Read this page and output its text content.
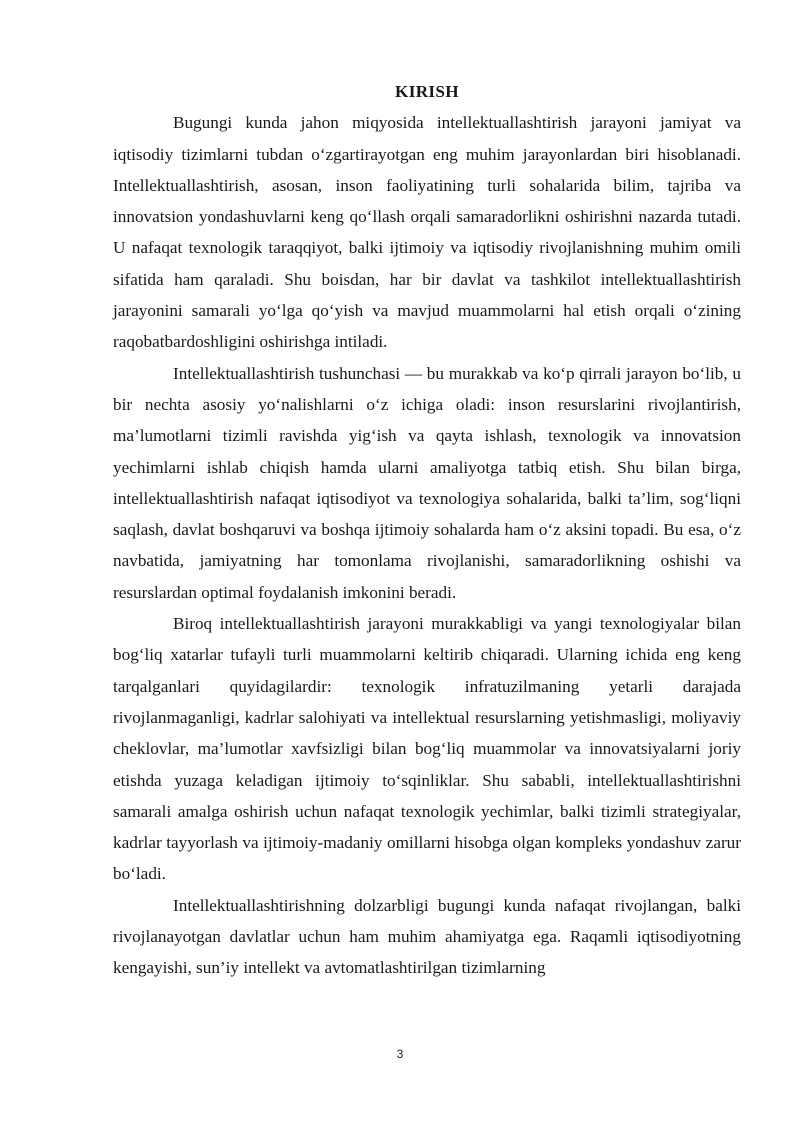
KIRISH

Bugungi kunda jahon miqyosida intellektuallashtirish jarayoni jamiyat va iqtisodiy tizimlarni tubdan o‘zgartirayotgan eng muhim jarayonlardan biri hisoblanadi. Intellektuallashtirish, asosan, inson faoliyatining turli sohalarida bilim, tajriba va innovatsion yondashuvlarni keng qo‘llash orqali samaradorlikni oshirishni nazarda tutadi. U nafaqat texnologik taraqqiyot, balki ijtimoiy va iqtisodiy rivojlanishning muhim omili sifatida ham qaraladi. Shu boisdan, har bir davlat va tashkilot intellektuallashtirish jarayonini samarali yo‘lga qo‘yish va mavjud muammolarni hal etish orqali o‘zining raqobatbardoshligini oshirishga intiladi.

Intellektuallashtirish tushunchasi — bu murakkab va ko‘p qirrali jarayon bo‘lib, u bir nechta asosiy yo‘nalishlarni o‘z ichiga oladi: inson resurslarini rivojlantirish, ma’lumotlarni tizimli ravishda yig‘ish va qayta ishlash, texnologik va innovatsion yechimlarni ishlab chiqish hamda ularni amaliyotga tatbiq etish. Shu bilan birga, intellektuallashtirish nafaqat iqtisodiyot va texnologiya sohalarida, balki ta’lim, sog‘liqni saqlash, davlat boshqaruvi va boshqa ijtimoiy sohalarda ham o‘z aksini topadi. Bu esa, o‘z navbatida, jamiyatning har tomonlama rivojlanishi, samaradorlikning oshishi va resurslardan optimal foydalanish imkonini beradi.

Biroq intellektuallashtirish jarayoni murakkabligi va yangi texnologiyalar bilan bog‘liq xatarlar tufayli turli muammolarni keltirib chiqaradi. Ularning ichida eng keng tarqalganlari quyidagilardir: texnologik infratuzilmaning yetarli darajada rivojlanmaganligi, kadrlar salohiyati va intellektual resurslarning yetishmasligi, moliyaviy cheklovlar, ma’lumotlar xavfsizligi bilan bog‘liq muammolar va innovatsiyalarni joriy etishda yuzaga keladigan ijtimoiy to‘sqinliklar. Shu sababli, intellektuallashtirishni samarali amalga oshirish uchun nafaqat texnologik yechimlar, balki tizimli strategiyalar, kadrlar tayyorlash va ijtimoiy-madaniy omillarni hisobga olgan kompleks yondashuv zarur bo‘ladi.

Intellektuallashtirishning dolzarbligi bugungi kunda nafaqat rivojlangan, balki rivojlanayotgan davlatlar uchun ham muhim ahamiyatga ega. Raqamli iqtisodiyotning kengayishi, sun’iy intellekt va avtomatlashtirilgan tizimlarning

3
